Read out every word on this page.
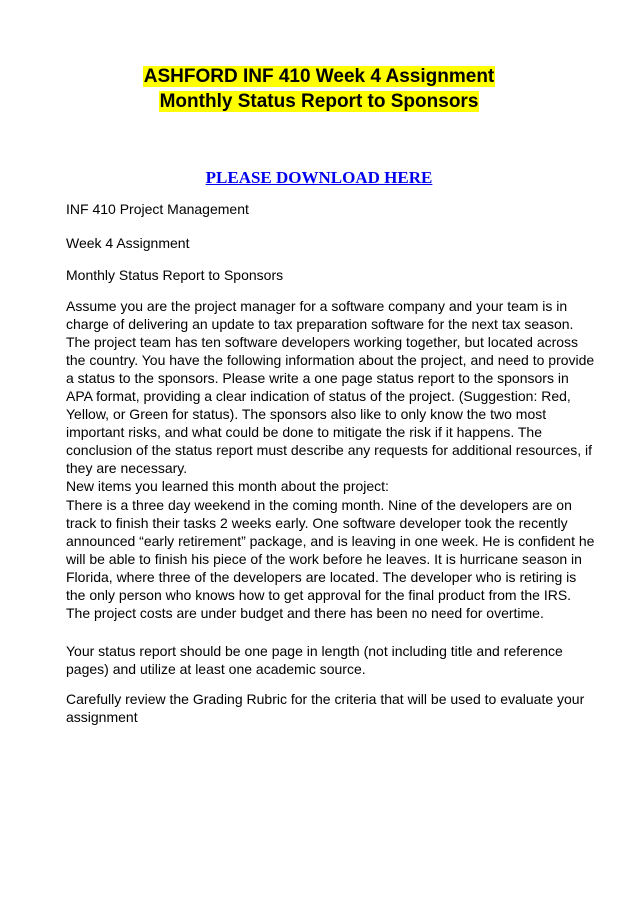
ASHFORD INF 410 Week 4 Assignment
Monthly Status Report to Sponsors
PLEASE DOWNLOAD HERE

INF 410 Project Management

Week 4 Assignment

Monthly Status Report to Sponsors

Assume you are the project manager for a software company and your team is in charge of delivering an update to tax preparation software for the next tax season. The project team has ten software developers working together, but located across the country. You have the following information about the project, and need to provide a status to the sponsors. Please write a one page status report to the sponsors in APA format, providing a clear indication of status of the project. (Suggestion: Red, Yellow, or Green for status). The sponsors also like to only know the two most important risks, and what could be done to mitigate the risk if it happens. The conclusion of the status report must describe any requests for additional resources, if they are necessary.

New items you learned this month about the project:

There is a three day weekend in the coming month. Nine of the developers are on track to finish their tasks 2 weeks early. One software developer took the recently announced “early retirement” package, and is leaving in one week. He is confident he will be able to finish his piece of the work before he leaves. It is hurricane season in Florida, where three of the developers are located. The developer who is retiring is the only person who knows how to get approval for the final product from the IRS. The project costs are under budget and there has been no need for overtime.

Your status report should be one page in length (not including title and reference pages) and utilize at least one academic source.

Carefully review the Grading Rubric for the criteria that will be used to evaluate your assignment
